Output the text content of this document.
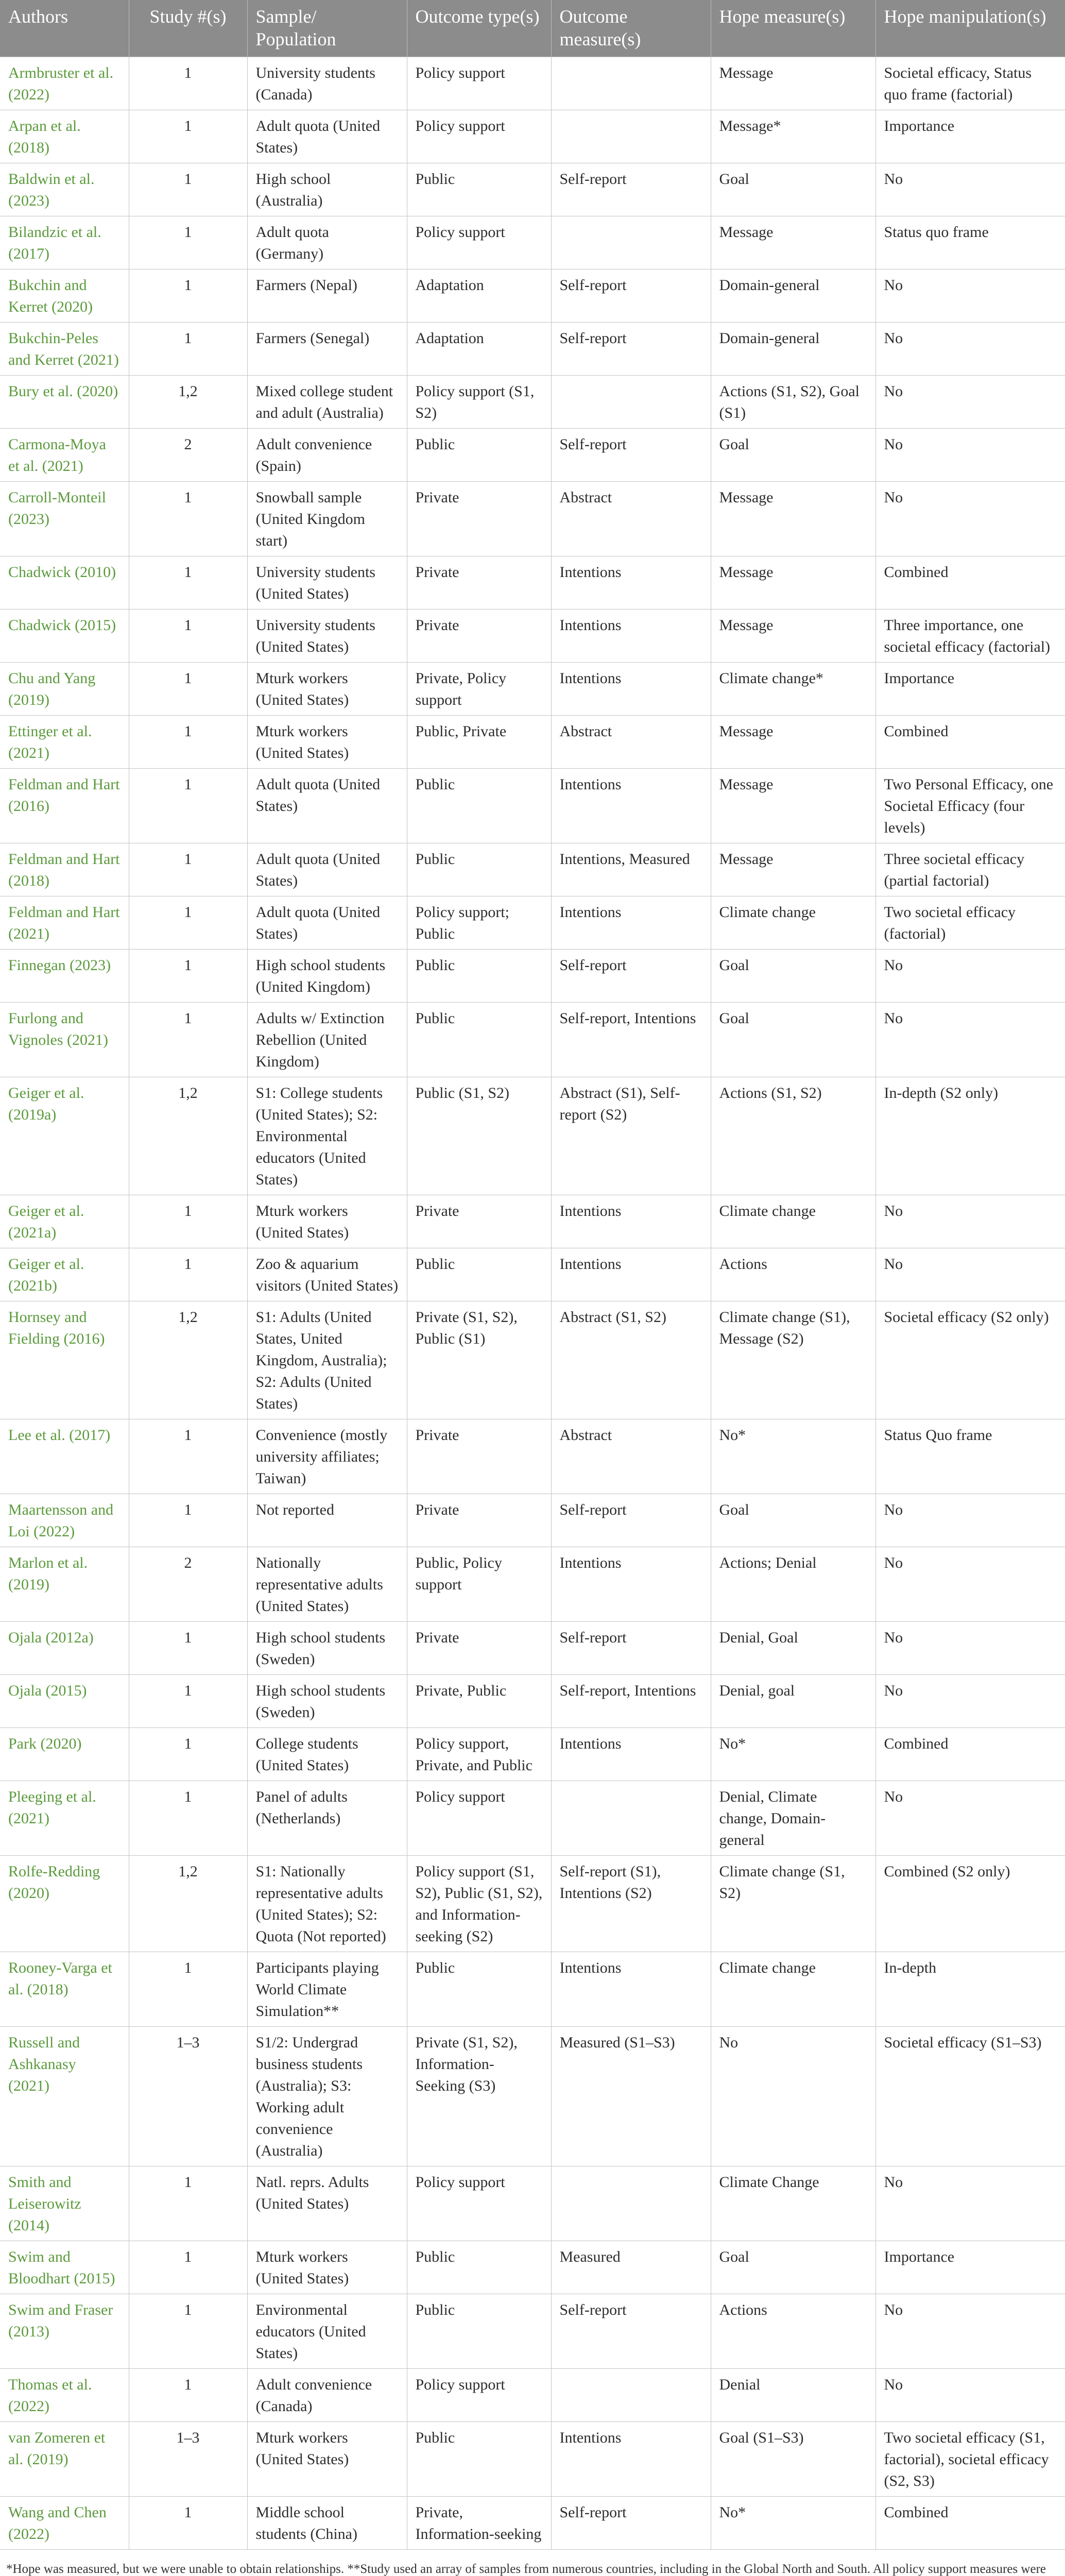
Authors	Study #(s)	Sample/ Population	Outcome type(s)	Outcome measure(s)	Hope measure(s)	Hope manipulation(s)
Armbruster et al. (2022)	1	University students (Canada)	Policy support		Message	Societal efficacy, Status quo frame (factorial)
Arpan et al. (2018)	1	Adult quota (United States)	Policy support		Message*	Importance
Baldwin et al. (2023)	1	High school (Australia)	Public	Self-report	Goal	No
Bilandzic et al. (2017)	1	Adult quota (Germany)	Policy support		Message	Status quo frame
Bukchin and Kerret (2020)	1	Farmers (Nepal)	Adaptation	Self-report	Domain-general	No
Bukchin-Peles and Kerret (2021)	1	Farmers (Senegal)	Adaptation	Self-report	Domain-general	No
Bury et al. (2020)	1,2	Mixed college student and adult (Australia)	Policy support (S1, S2)		Actions (S1, S2), Goal (S1)	No
Carmona-Moya et al. (2021)	2	Adult convenience (Spain)	Public	Self-report	Goal	No
Carroll-Monteil (2023)	1	Snowball sample (United Kingdom start)	Private	Abstract	Message	No
Chadwick (2010)	1	University students (United States)	Private	Intentions	Message	Combined
Chadwick (2015)	1	University students (United States)	Private	Intentions	Message	Three importance, one societal efficacy (factorial)
Chu and Yang (2019)	1	Mturk workers (United States)	Private, Policy support	Intentions	Climate change*	Importance
Ettinger et al. (2021)	1	Mturk workers (United States)	Public, Private	Abstract	Message	Combined
Feldman and Hart (2016)	1	Adult quota (United States)	Public	Intentions	Message	Two Personal Efficacy, one Societal Efficacy (four levels)
Feldman and Hart (2018)	1	Adult quota (United States)	Public	Intentions, Measured	Message	Three societal efficacy (partial factorial)
Feldman and Hart (2021)	1	Adult quota (United States)	Policy support; Public	Intentions	Climate change	Two societal efficacy (factorial)
Finnegan (2023)	1	High school students (United Kingdom)	Public	Self-report	Goal	No
Furlong and Vignoles (2021)	1	Adults w/ Extinction Rebellion (United Kingdom)	Public	Self-report, Intentions	Goal	No
Geiger et al. (2019a)	1,2	S1: College students (United States); S2: Environmental educators (United States)	Public (S1, S2)	Abstract (S1), Self-report (S2)	Actions (S1, S2)	In-depth (S2 only)
Geiger et al. (2021a)	1	Mturk workers (United States)	Private	Intentions	Climate change	No
Geiger et al. (2021b)	1	Zoo & aquarium visitors (United States)	Public	Intentions	Actions	No
Hornsey and Fielding (2016)	1,2	S1: Adults (United States, United Kingdom, Australia); S2: Adults (United States)	Private (S1, S2), Public (S1)	Abstract (S1, S2)	Climate change (S1), Message (S2)	Societal efficacy (S2 only)
Lee et al. (2017)	1	Convenience (mostly university affiliates; Taiwan)	Private	Abstract	No*	Status Quo frame
Maartensson and Loi (2022)	1	Not reported	Private	Self-report	Goal	No
Marlon et al. (2019)	2	Nationally representative adults (United States)	Public, Policy support	Intentions	Actions; Denial	No
Ojala (2012a)	1	High school students (Sweden)	Private	Self-report	Denial, Goal	No
Ojala (2015)	1	High school students (Sweden)	Private, Public	Self-report, Intentions	Denial, goal	No
Park (2020)	1	College students (United States)	Policy support, Private, and Public	Intentions	No*	Combined
Pleeging et al. (2021)	1	Panel of adults (Netherlands)	Policy support		Denial, Climate change, Domain-general	No
Rolfe-Redding (2020)	1,2	S1: Nationally representative adults (United States); S2: Quota (Not reported)	Policy support (S1, S2), Public (S1, S2), and Information-seeking (S2)	Self-report (S1), Intentions (S2)	Climate change (S1, S2)	Combined (S2 only)
Rooney-Varga et al. (2018)	1	Participants playing World Climate Simulation**	Public	Intentions	Climate change	In-depth
Russell and Ashkanasy (2021)	1–3	S1/2: Undergrad business students (Australia); S3: Working adult convenience (Australia)	Private (S1, S2), Information-Seeking (S3)	Measured (S1–S3)	No	Societal efficacy (S1–S3)
Smith and Leiserowitz (2014)	1	Natl. reprs. Adults (United States)	Policy support		Climate Change	No
Swim and Bloodhart (2015)	1	Mturk workers (United States)	Public	Measured	Goal	Importance
Swim and Fraser (2013)	1	Environmental educators (United States)	Public	Self-report	Actions	No
Thomas et al. (2022)	1	Adult convenience (Canada)	Policy support		Denial	No
van Zomeren et al. (2019)	1–3	Mturk workers (United States)	Public	Intentions	Goal (S1–S3)	Two societal efficacy (S1, factorial), societal efficacy (S2, S3)
Wang and Chen (2022)	1	Middle school students (China)	Private, Information-seeking	Self-report	No*	Combined
*Hope was measured, but we were unable to obtain relationships. **Study used an array of samples from numerous countries, including in the Global North and South. All policy support measures were
